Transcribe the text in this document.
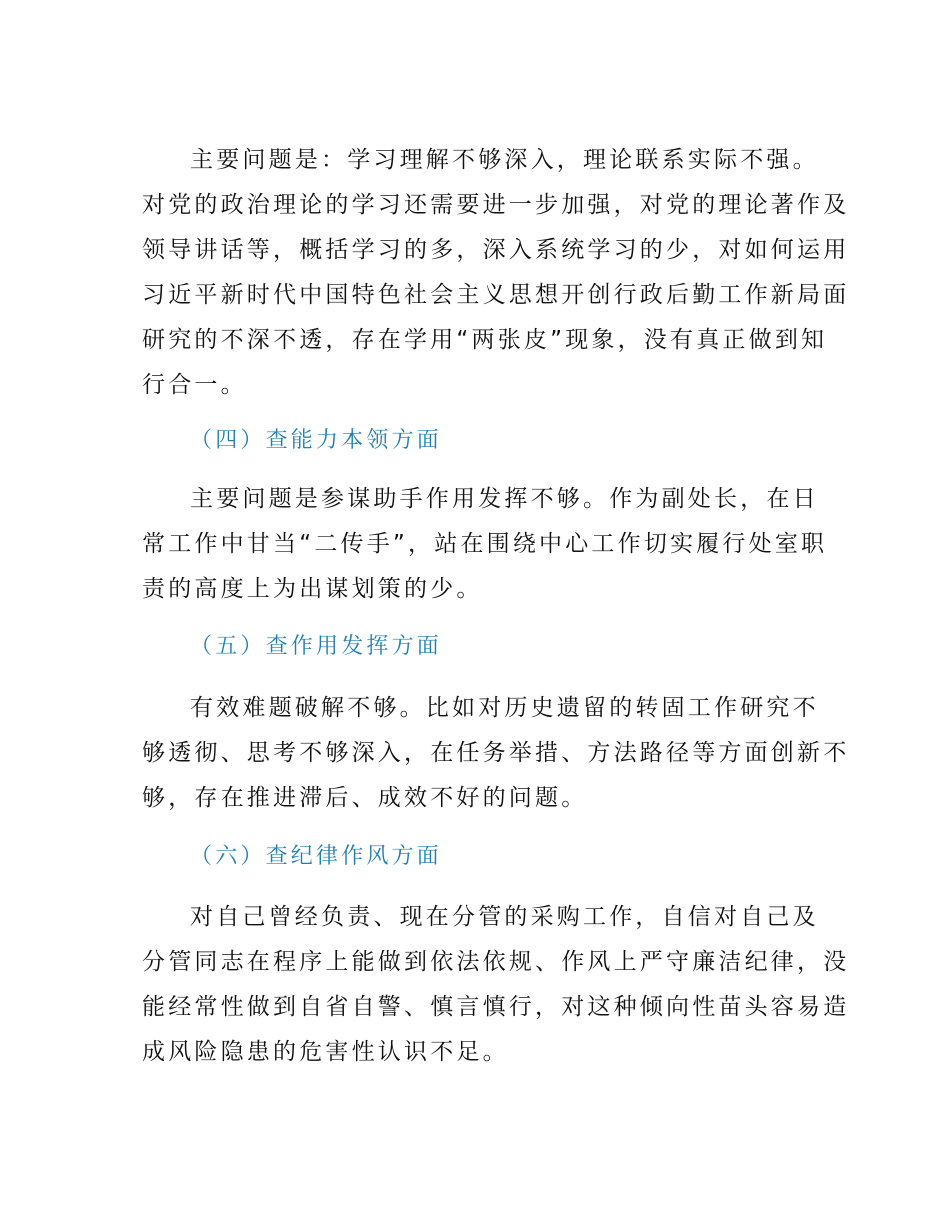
主要问题是：学习理解不够深入，理论联系实际不强。
对党的政治理论的学习还需要进一步加强，对党的理论著作及
领导讲话等，概括学习的多，深入系统学习的少，对如何运用
习近平新时代中国特色社会主义思想开创行政后勤工作新局面
研究的不深不透，存在学用“两张皮”现象，没有真正做到知
行合一。
（四）查能力本领方面
主要问题是参谋助手作用发挥不够。作为副处长，在日
常工作中甘当“二传手”，站在围绕中心工作切实履行处室职
责的高度上为出谋划策的少。
（五）查作用发挥方面
有效难题破解不够。比如对历史遗留的转固工作研究不
够透彻、思考不够深入，在任务举措、方法路径等方面创新不
够，存在推进滞后、成效不好的问题。
（六）查纪律作风方面
对自己曾经负责、现在分管的采购工作，自信对自己及
分管同志在程序上能做到依法依规、作风上严守廉洁纪律，没
能经常性做到自省自警、慎言慎行，对这种倾向性苗头容易造
成风险隐患的危害性认识不足。
